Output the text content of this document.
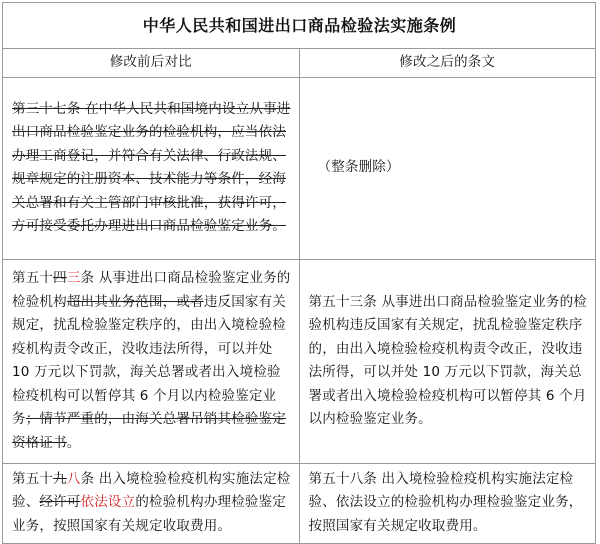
中华人民共和国进出口商品检验法实施条例	
修改前后对比	修改之后的条文
第三十七条 在中华人民共和国境内设立从事进出口商品检验鉴定业务的检验机构，应当依法办理工商登记，并符合有关法律、行政法规、规章规定的注册资本、技术能力等条件，经海关总署和有关主管部门审核批准，获得许可，方可接受委托办理进出口商品检验鉴定业务。	（整条删除）
第五十四三条 从事进出口商品检验鉴定业务的检验机构超出其业务范围，或者违反国家有关规定，扰乱检验鉴定秩序的，由出入境检验检疫机构责令改正，没收违法所得，可以并处 10 万元以下罚款，海关总署或者出入境检验检疫机构可以暂停其 6 个月以内检验鉴定业务；情节严重的，由海关总署吊销其检验鉴定资格证书。	第五十三条 从事进出口商品检验鉴定业务的检验机构违反国家有关规定，扰乱检验鉴定秩序的，由出入境检验检疫机构责令改正，没收违法所得，可以并处 10 万元以下罚款，海关总署或者出入境检验检疫机构可以暂停其 6 个月以内检验鉴定业务。
第五十九八条 出入境检验检疫机构实施法定检验、经许可依法设立的检验机构办理检验鉴定业务，按照国家有关规定收取费用。	第五十八条 出入境检验检疫机构实施法定检验、依法设立的检验机构办理检验鉴定业务，按照国家有关规定收取费用。
